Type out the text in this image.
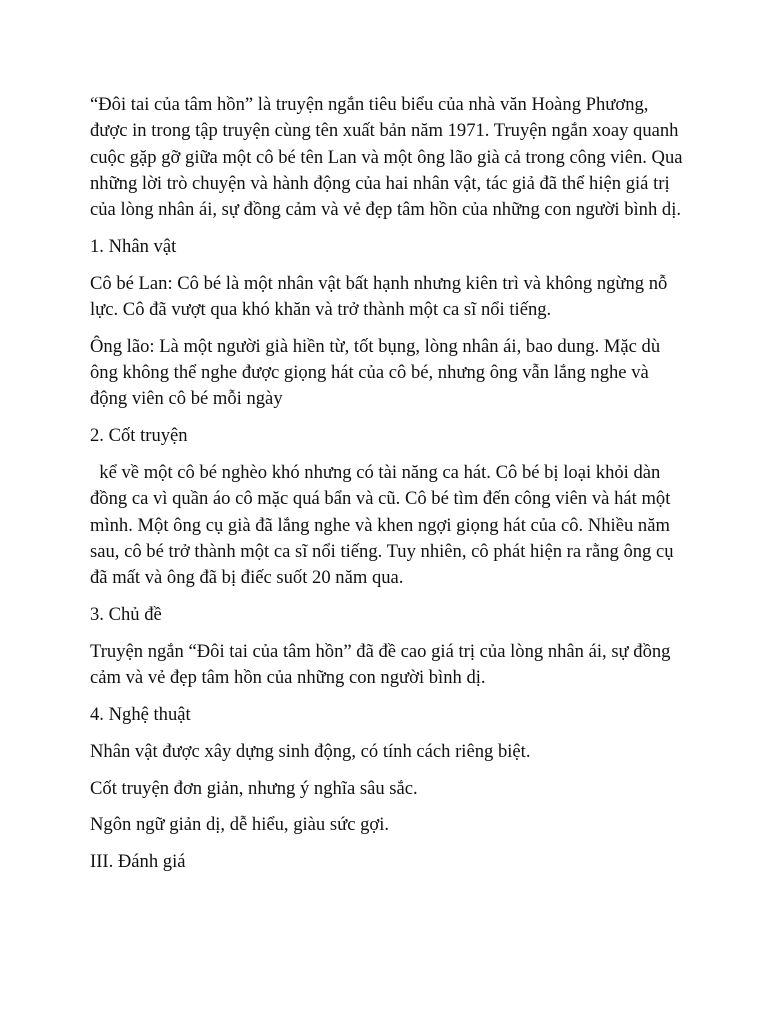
“Đôi tai của tâm hồn” là truyện ngắn tiêu biểu của nhà văn Hoàng Phương, được in trong tập truyện cùng tên xuất bản năm 1971. Truyện ngắn xoay quanh cuộc gặp gỡ giữa một cô bé tên Lan và một ông lão già cả trong công viên. Qua những lời trò chuyện và hành động của hai nhân vật, tác giả đã thể hiện giá trị của lòng nhân ái, sự đồng cảm và vẻ đẹp tâm hồn của những con người bình dị.

1. Nhân vật

Cô bé Lan: Cô bé là một nhân vật bất hạnh nhưng kiên trì và không ngừng nỗ lực. Cô đã vượt qua khó khăn và trở thành một ca sĩ nổi tiếng.

Ông lão: Là một người già hiền từ, tốt bụng, lòng nhân ái, bao dung. Mặc dù ông không thể nghe được giọng hát của cô bé, nhưng ông vẫn lắng nghe và động viên cô bé mỗi ngày

2. Cốt truyện

kể về một cô bé nghèo khó nhưng có tài năng ca hát. Cô bé bị loại khỏi dàn đồng ca vì quần áo cô mặc quá bẩn và cũ. Cô bé tìm đến công viên và hát một mình. Một ông cụ già đã lắng nghe và khen ngợi giọng hát của cô. Nhiều năm sau, cô bé trở thành một ca sĩ nổi tiếng. Tuy nhiên, cô phát hiện ra rằng ông cụ đã mất và ông đã bị điếc suốt 20 năm qua.

3. Chủ đề

Truyện ngắn “Đôi tai của tâm hồn” đã đề cao giá trị của lòng nhân ái, sự đồng cảm và vẻ đẹp tâm hồn của những con người bình dị.

4. Nghệ thuật

Nhân vật được xây dựng sinh động, có tính cách riêng biệt.

Cốt truyện đơn giản, nhưng ý nghĩa sâu sắc.

Ngôn ngữ giản dị, dễ hiểu, giàu sức gợi.

III. Đánh giá
